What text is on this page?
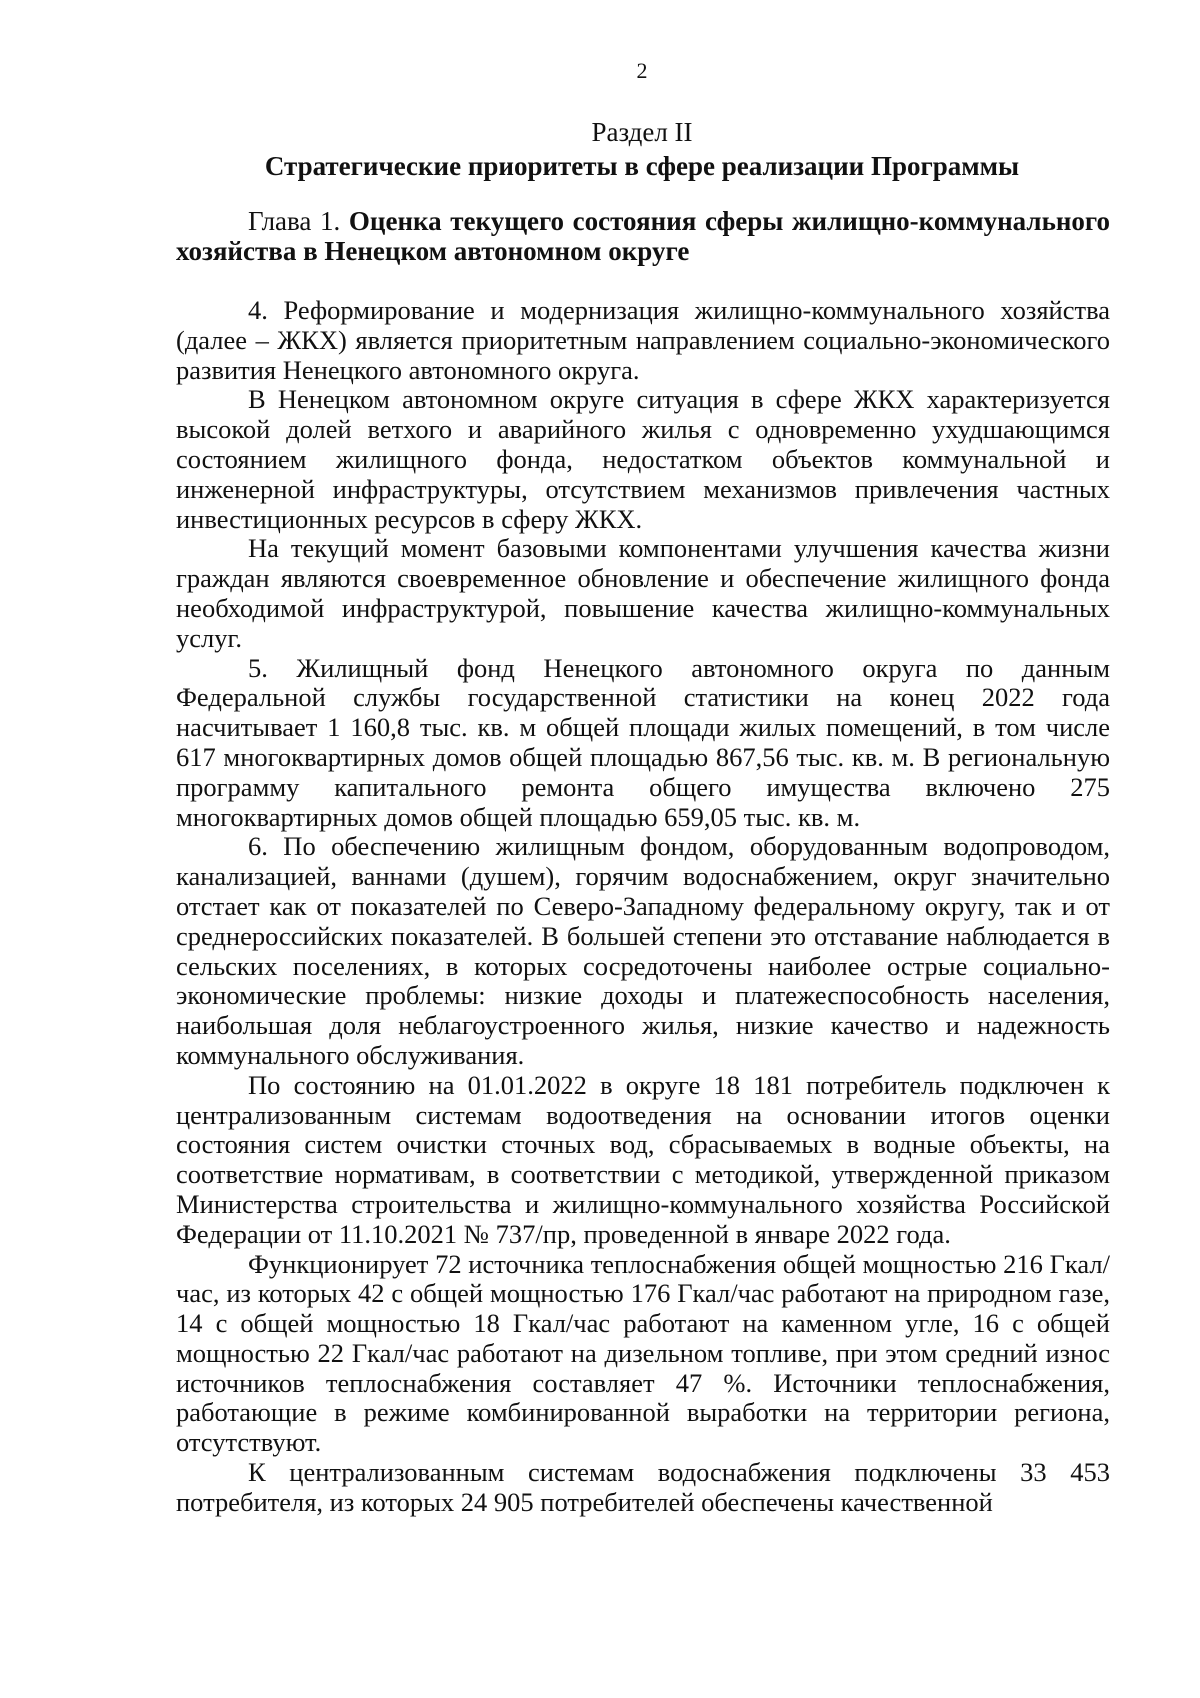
2
Раздел II
Стратегические приоритеты в сфере реализации Программы
Глава 1. Оценка текущего состояния сферы жилищно-коммунального хозяйства в Ненецком автономном округе

4. Реформирование и модернизация жилищно-коммунального хозяйства (далее – ЖКХ) является приоритетным направлением социально-экономического развития Ненецкого автономного округа.

В Ненецком автономном округе ситуация в сфере ЖКХ характеризуется высокой долей ветхого и аварийного жилья с одновременно ухудшающимся состоянием жилищного фонда, недостатком объектов коммунальной и инженерной инфраструктуры, отсутствием механизмов привлечения частных инвестиционных ресурсов в сферу ЖКХ.

На текущий момент базовыми компонентами улучшения качества жизни граждан являются своевременное обновление и обеспечение жилищного фонда необходимой инфраструктурой, повышение качества жилищно-коммунальных услуг.

5. Жилищный фонд Ненецкого автономного округа по данным Федеральной службы государственной статистики на конец 2022 года насчитывает 1 160,8 тыс. кв. м общей площади жилых помещений, в том числе 617 многоквартирных домов общей площадью 867,56 тыс. кв. м. В региональную программу капитального ремонта общего имущества включено 275 многоквартирных домов общей площадью 659,05 тыс. кв. м.

6. По обеспечению жилищным фондом, оборудованным водопроводом, канализацией, ваннами (душем), горячим водоснабжением, округ значительно отстает как от показателей по Северо-Западному федеральному округу, так и от среднероссийских показателей. В большей степени это отставание наблюдается в сельских поселениях, в которых сосредоточены наиболее острые социально-экономические проблемы: низкие доходы и платежеспособность населения, наибольшая доля неблагоустроенного жилья, низкие качество и надежность коммунального обслуживания.

По состоянию на 01.01.2022 в округе 18 181 потребитель подключен к централизованным системам водоотведения на основании итогов оценки состояния систем очистки сточных вод, сбрасываемых в водные объекты, на соответствие нормативам, в соответствии с методикой, утвержденной приказом Министерства строительства и жилищно-коммунального хозяйства Российской Федерации от 11.10.2021 № 737/пр, проведенной в январе 2022 года.

Функционирует 72 источника теплоснабжения общей мощностью 216 Гкал/час, из которых 42 с общей мощностью 176 Гкал/час работают на природном газе, 14 с общей мощностью 18 Гкал/час работают на каменном угле, 16 с общей мощностью 22 Гкал/час работают на дизельном топливе, при этом средний износ источников теплоснабжения составляет 47 %. Источники теплоснабжения, работающие в режиме комбинированной выработки на территории региона, отсутствуют.

К централизованным системам водоснабжения подключены 33 453 потребителя, из которых 24 905 потребителей обеспечены качественной
